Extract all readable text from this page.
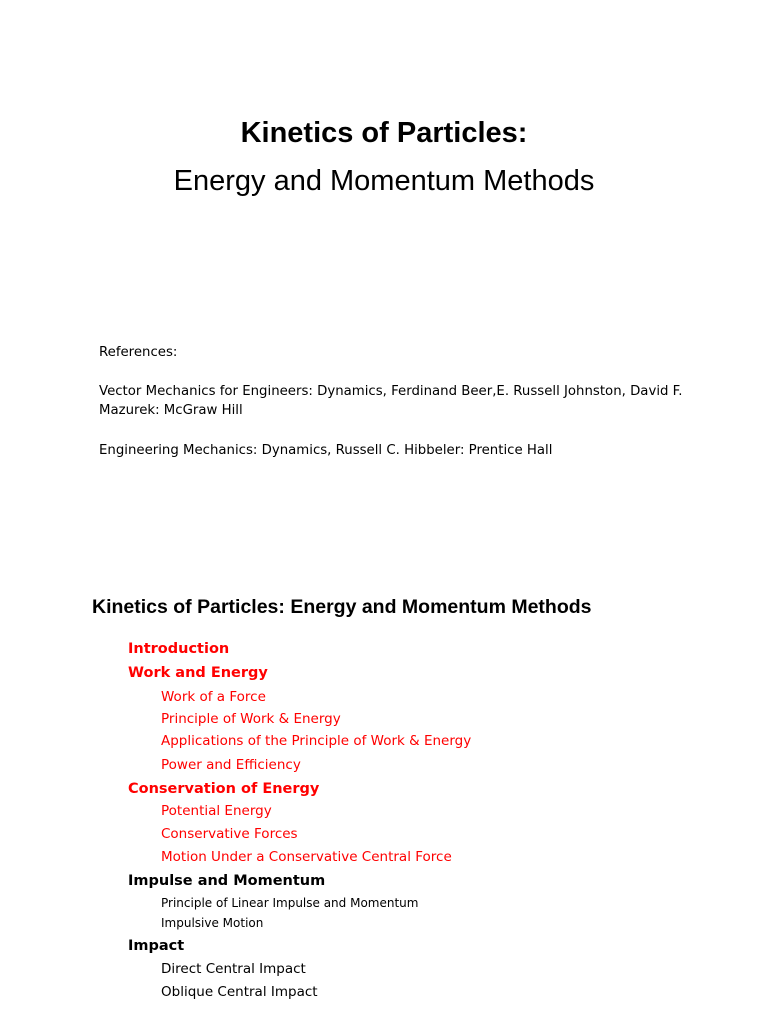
Kinetics of Particles:
Energy and Momentum Methods
References:
Vector Mechanics for Engineers: Dynamics, Ferdinand Beer,E. Russell Johnston, David F.
Mazurek: McGraw Hill
Engineering Mechanics: Dynamics, Russell C. Hibbeler: Prentice Hall
Kinetics of Particles: Energy and Momentum Methods
Introduction
Work and Energy
Work of a Force
Principle of Work & Energy
Applications of the Principle of Work & Energy
Power and Efficiency
Conservation of Energy
Potential Energy
Conservative Forces
Motion Under a Conservative Central Force
Impulse and Momentum
Principle of Linear Impulse and Momentum
Impulsive Motion
Impact
Direct Central Impact
Oblique Central Impact
